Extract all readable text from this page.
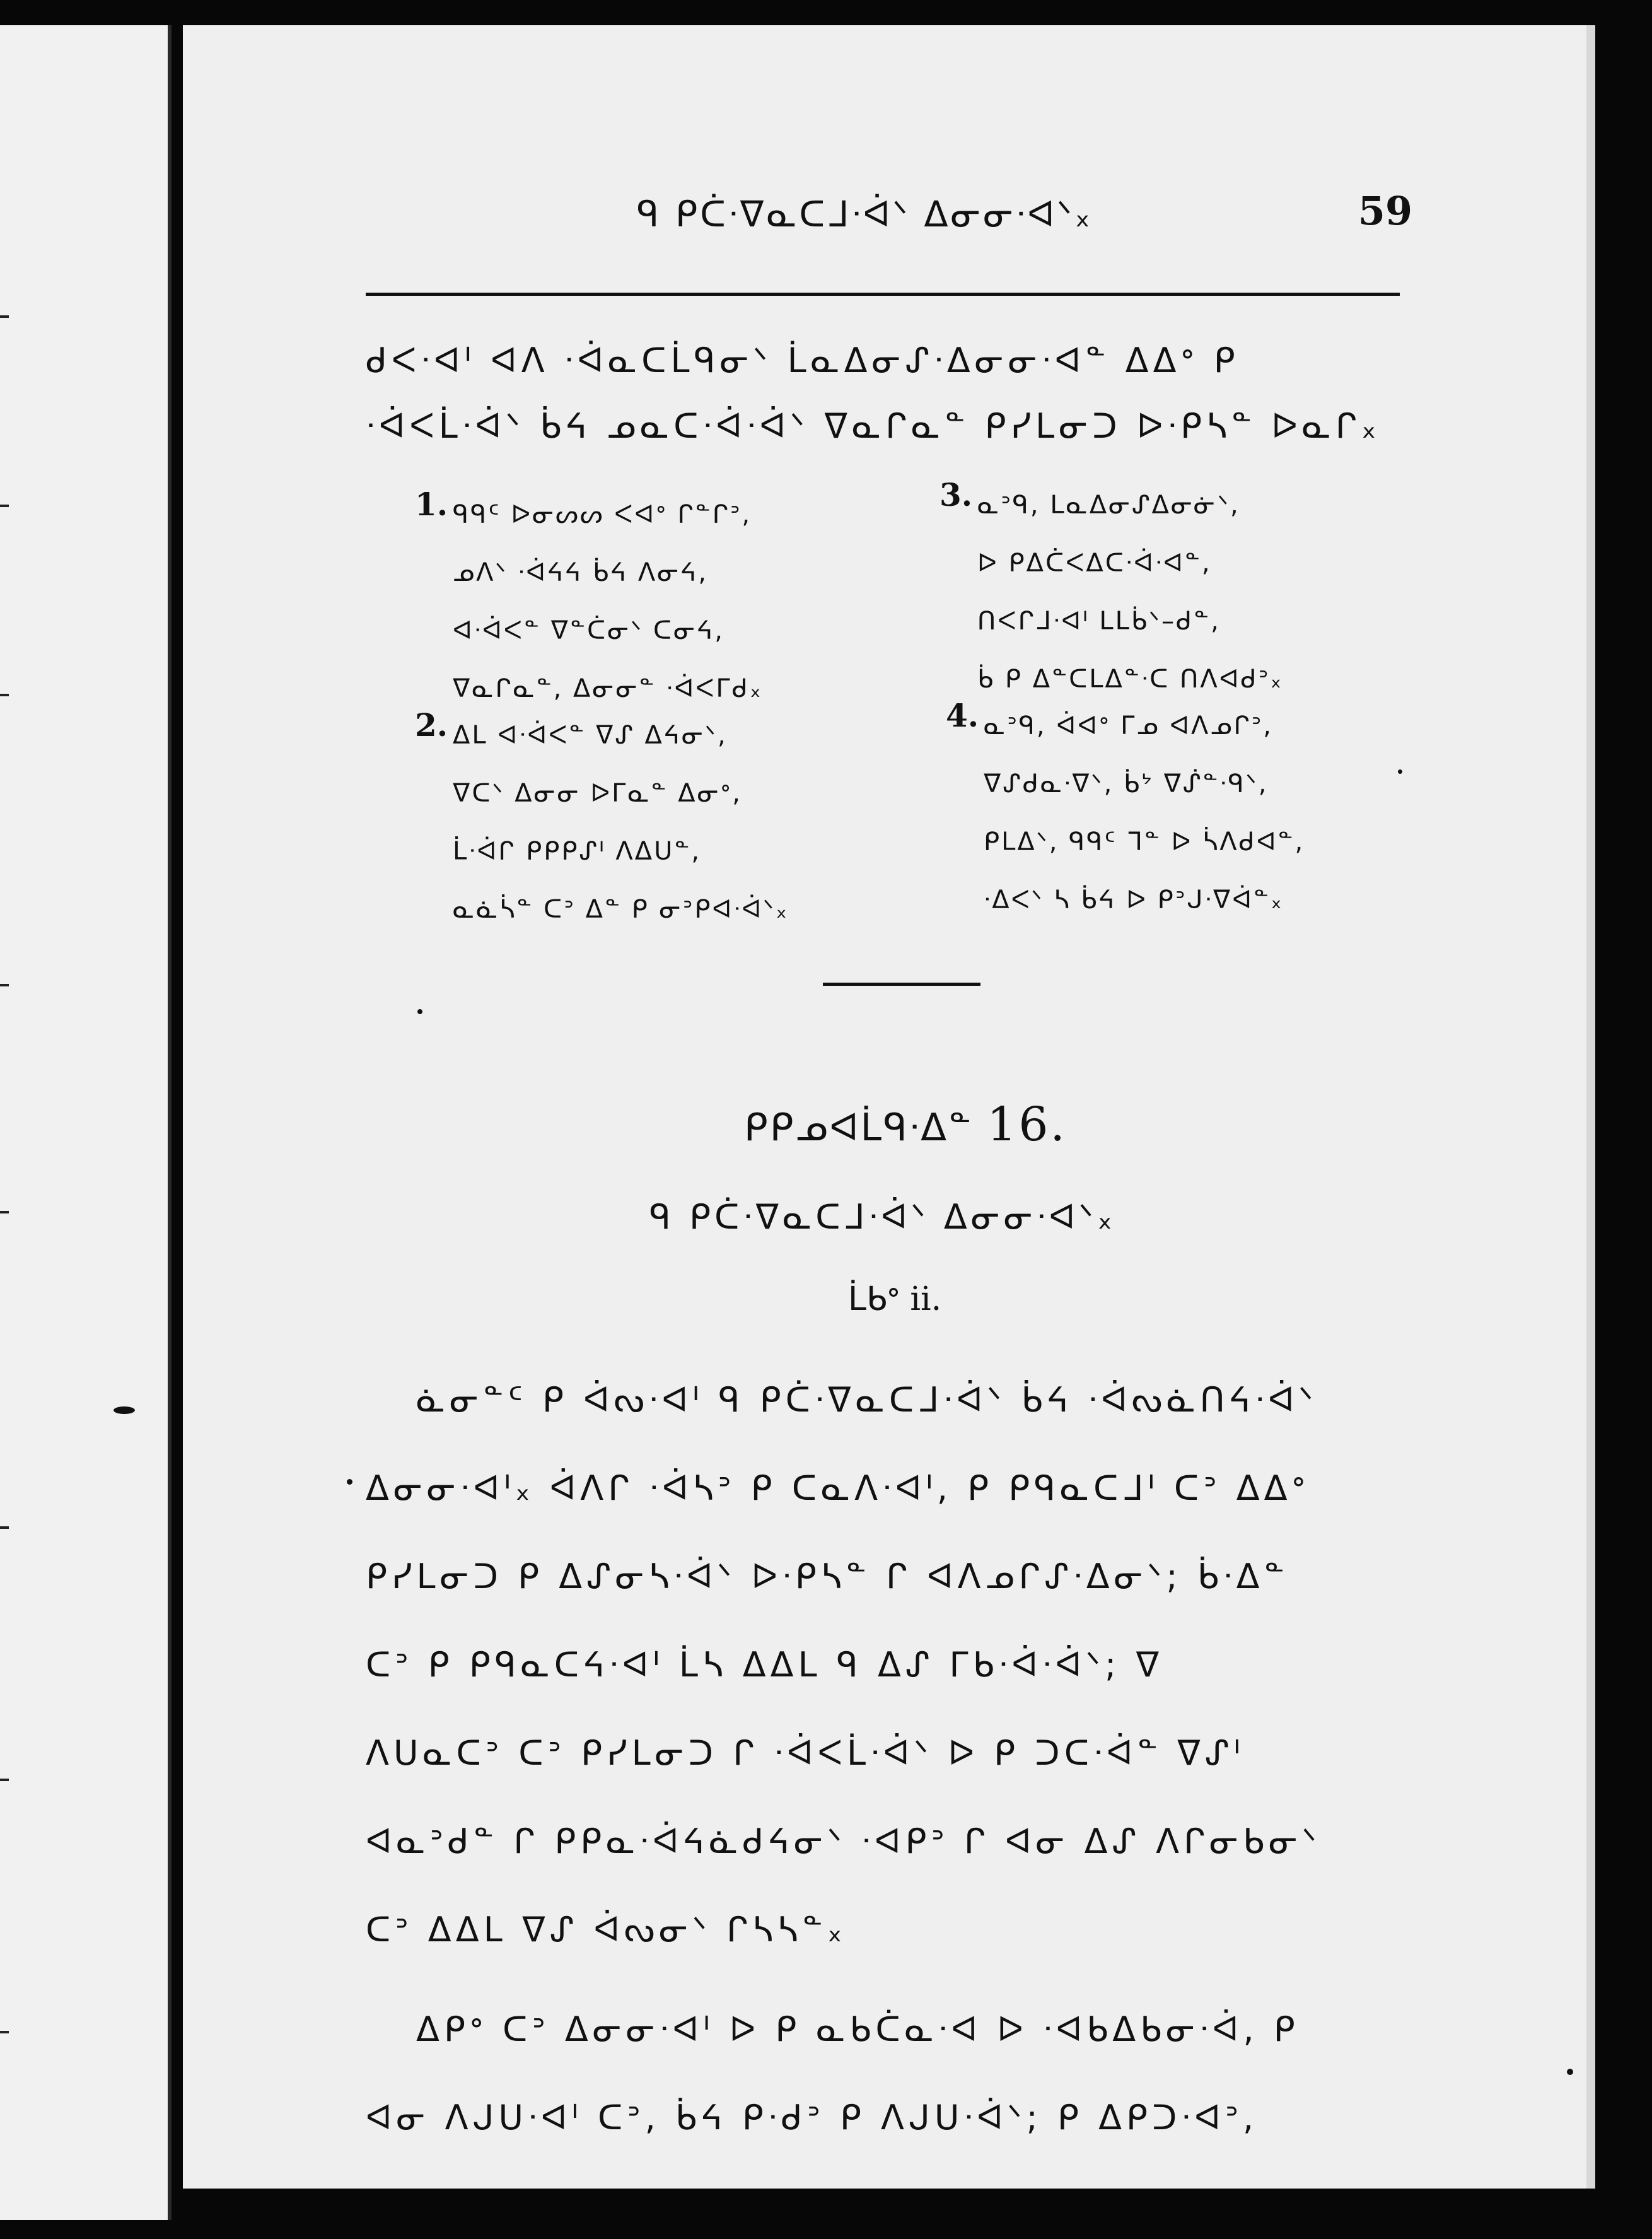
ᑫ ᑭᑖᐧᐁᓇᑕᒧᐧᐋᐠ ᐃᓂᓂᐧᐊᐠ᙮	59
ᑯᐸᐧᐊᑊ ᐊᐱ ᐧᐋᓇᑕᒫᑫᓂᐠ ᒫᓇᐃᓂᔑᐧᐃᓂᓂᐧᐊᓐ ᐃᐃᐤ ᑭ
ᐧᐋᐸᒫᐧᐋᐠ ᑳᔦ ᓄᓇᑕᐧᐋᐧᐋᐠ ᐁᓇᒋᓇᓐ ᑭᓯᒪᓂᑐ ᐅᐧᑭᓴᓐ ᐅᓇᒋ᙮
1. ᑫᑫᑦ ᐅᓂᔕᔕ ᐸᐊᐤ ᒋᓐᒋᐣ,
ᓄᐱᐠ ᐧᐋᔦᔦ ᑳᔦ ᐱᓂᔦ,
ᐊᐧᐋᐸᓐ ᐁᓐᑖᓂᐠ ᑕᓂᔦ,
ᐁᓇᒋᓇᓐ, ᐃᓂᓂᓐ ᐧᐋᐸᒥᑯ᙮
2. ᐃᒪ ᐊᐧᐋᐸᓐ ᐁᔑ ᐃᔦᓂᐠ,
ᐁᑕᐠ ᐃᓂᓂ ᐅᒥᓇᓐ ᐃᓂᐤ,
ᒫᐧᐋᒋ ᑭᑭᑭᔑᑊ ᐱᐃᑌᓐ,
ᓇᓈᓵᓐ ᑕᐣ ᐃᓐ ᑭ ᓂᐣᑭᐊᐧᐋᐠ᙮
3. ᓇᐣᑫ, ᒪᓇᐃᓂᔑᐃᓂᓃᐠ,
ᐅ ᑭᐃᑖᐸᐃᑕᐧᐋᐧᐊᓐ,
ᑎᐸᒋᒧᐧᐊᑊ ᒪᒪᑳᐠ–ᑯᓐ,
ᑳ ᑭ ᐃᓐᑕᒪᐃᓐᐧᑕ ᑎᐱᐊᑯᐣ᙮
4. ᓇᐣᑫ, ᐋᐊᐤ ᒥᓄ ᐊᐱᓄᒋᐣ,
ᐁᔑᑯᓇᐧᐁᐠ, ᑳᔾ ᐁᔒᓐᐧᑫᐠ,
ᑭᒪᐃᐠ, ᑫᑫᑦ ᒣᓐ ᐅ ᓵᐱᑯᐊᓐ,
ᐧᐃᐸᐠ ᓴ ᑳᔦ ᐅ ᑭᐣᒍᐧᐁᐋᓐ᙮
ᑭᑭᓄᐊᒫᑫᐧᐃᓐ 16.
ᑫ ᑭᑖᐧᐁᓇᑕᒧᐧᐋᐠ ᐃᓂᓂᐧᐊᐠ᙮
ᒫᑲᐤ ii.
ᓈᓂᓐᑦ ᑭ ᐋᔓᐧᐊᑊ ᑫ ᑭᑖᐧᐁᓇᑕᒧᐧᐋᐠ ᑳᔦ ᐧᐋᔓᓈᑎᔦᐧᐋᐠ
ᐃᓂᓂᐧᐊᑊ᙮ ᐋᐱᒋ ᐧᐋᓴᐣ ᑭ ᑕᓇᐱᐧᐊᑊ, ᑭ ᑭᑫᓇᑕᒧᑊ ᑕᐣ ᐃᐃᐤ
ᑭᓯᒪᓂᑐ ᑭ ᐃᔑᓂᓴᐧᐋᐠ ᐅᐧᑭᓴᓐ ᒋ ᐊᐱᓄᒋᔑᐧᐃᓂᐠ; ᑳᐧᐃᓐ
ᑕᐣ ᑭ ᑭᑫᓇᑕᔦᐧᐊᑊ ᒫᓴ ᐃᐃᒪ ᑫ ᐃᔑ ᒥᑲᐧᐋᐧᐋᐠ; ᐁ
ᐱᑌᓇᑕᐣ ᑕᐣ ᑭᓯᒪᓂᑐ ᒋ ᐧᐋᐸᒫᐧᐋᐠ ᐅ ᑭ ᑐᑕᐧᐋᓐ ᐁᔑᑊ
ᐊᓇᐣᑯᓐ ᒋ ᑭᑭᓇᐧᐋᔦᓈᑯᔦᓂᐠ ᐧᐊᑭᐣ ᒋ ᐊᓂ ᐃᔑ ᐱᒋᓂᑲᓂᐠ
ᑕᐣ ᐃᐃᒪ ᐁᔑ ᐋᔓᓂᐠ ᒋᓴᓴᓐ᙮
ᐃᑭᐤ ᑕᐣ ᐃᓂᓂᐧᐊᑊ ᐅ ᑭ ᓇᑲᑖᓇᐧᐊ ᐅ ᐧᐊᑲᐃᑲᓂᐧᐋ, ᑭ
ᐊᓂ ᐱᒍᑌᐧᐊᑊ ᑕᐣ, ᑳᔦ ᑭᐧᑯᐣ ᑭ ᐱᒍᑌᐧᐋᐠ; ᑭ ᐃᑭᑐᐧᐊᐣ,
